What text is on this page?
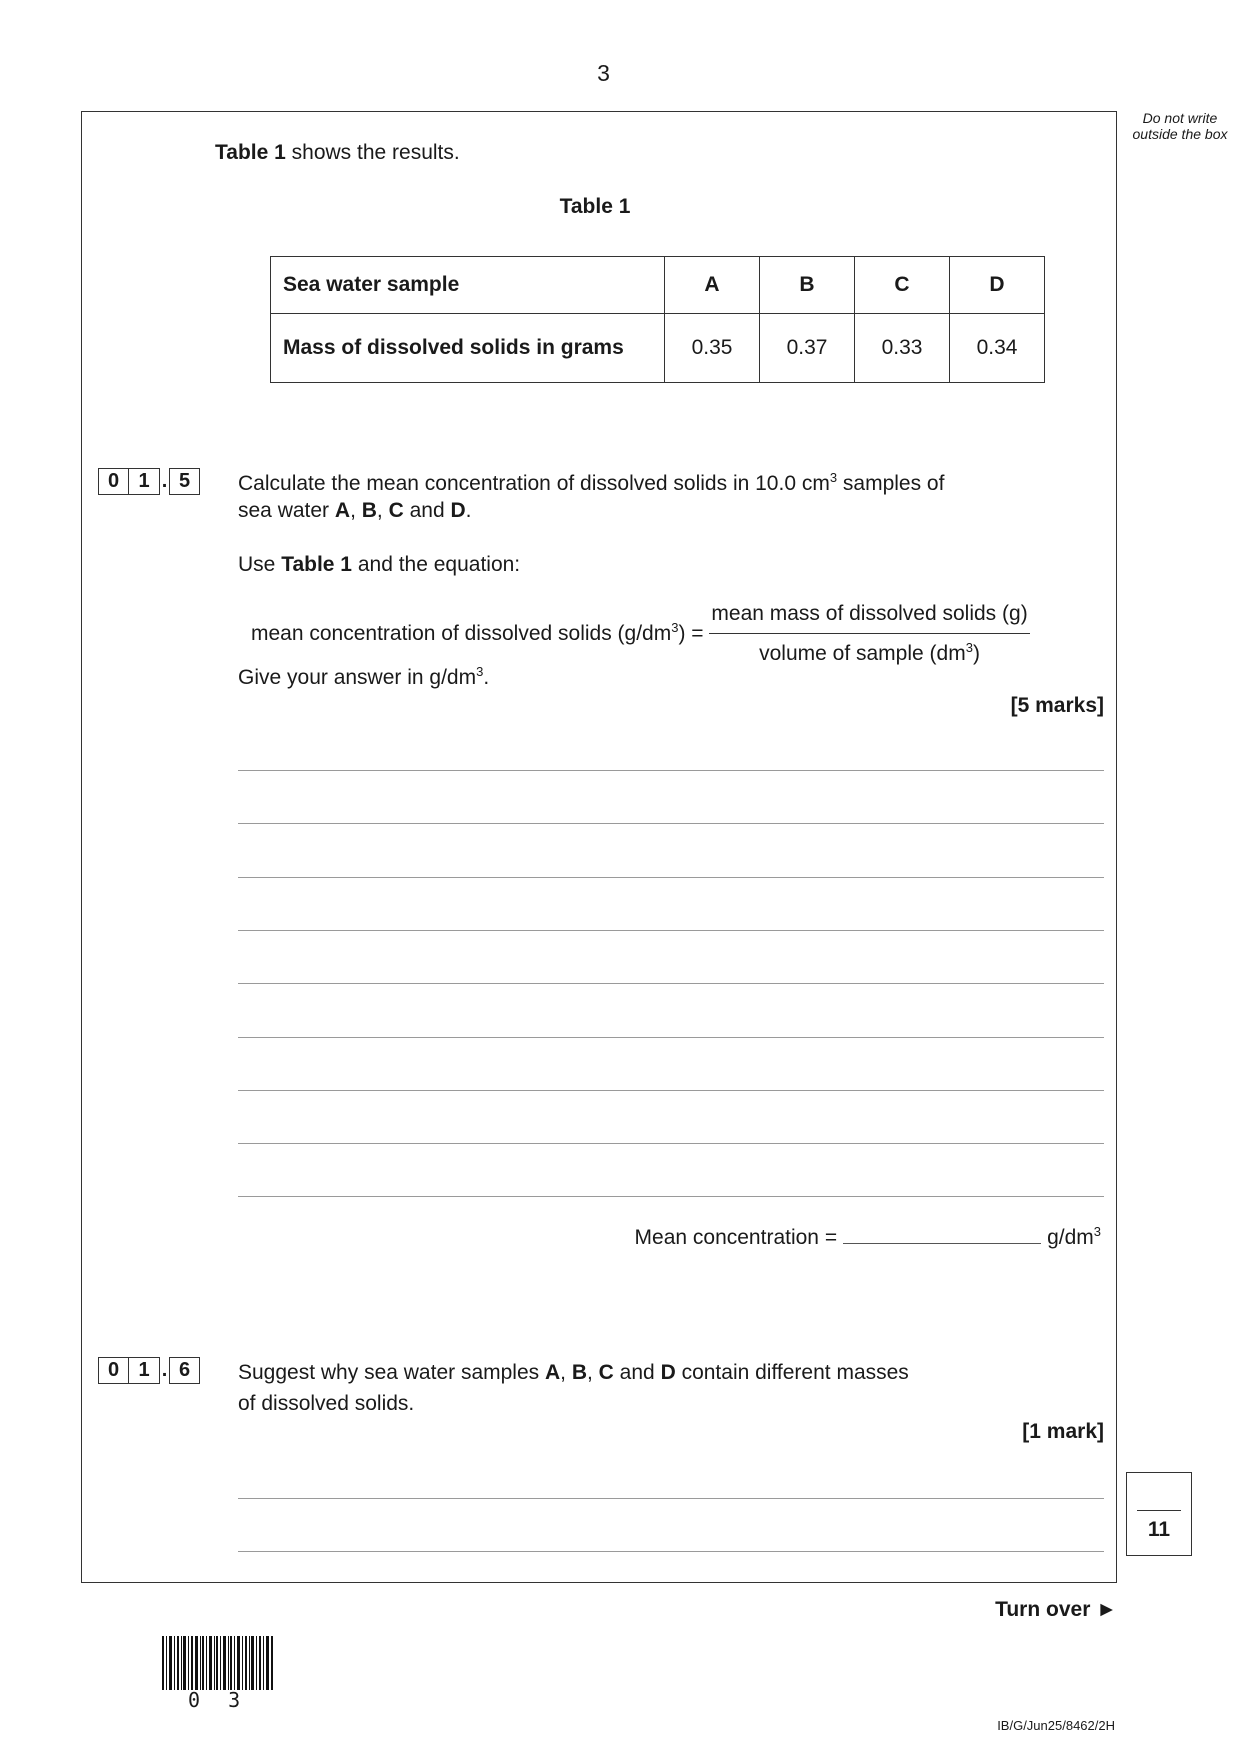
3
Do not write outside the box
Table 1 shows the results.
Table 1
Sea water sample	A	B	C	D
Mass of dissolved solids in grams	0.35	0.37	0.33	0.34
0 1 . 5	Calculate the mean concentration of dissolved solids in 10.0 $cm^3$ samples of
sea water A, B, C and D.
Use Table 1 and the equation:
mean concentration of dissolved solids $(g/dm^3) = \frac{\text{mean mass of dissolved solids (g)}}{volume of sample (dm^3)}$
Give your answer in $g/dm^3$.
[5 marks]
Mean concentration =	$g/dm^3$
0 1 . 6	Suggest why sea water samples A, B, C and D contain different masses
of dissolved solids.
[1 mark]
11
Turn over ►
0 3
IB/G/Jun25/8462/2H
